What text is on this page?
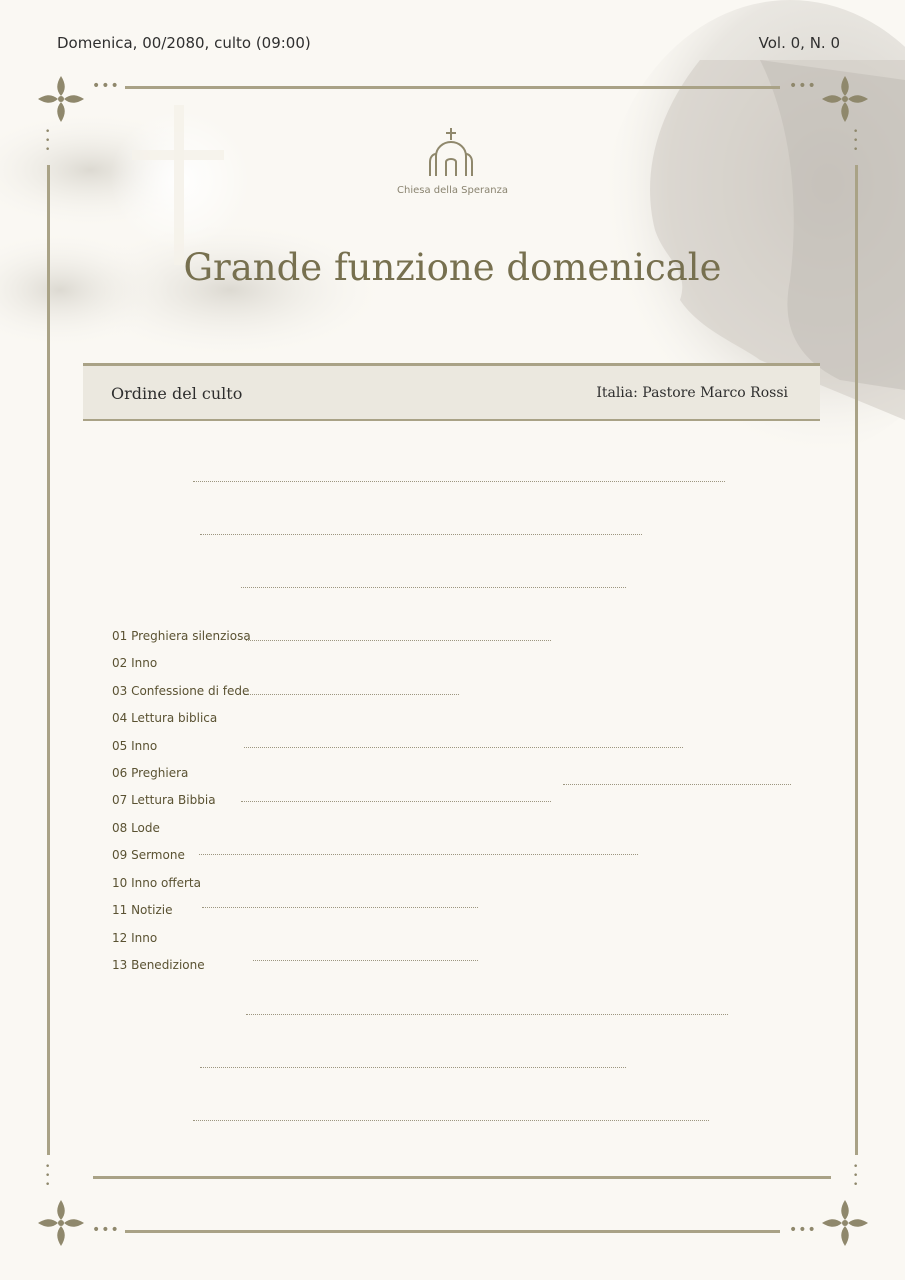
Domenica, 00/2080, culto (09:00)	Vol. 0, N. 0
•••	•••
•••	•••
•
•
•
•
•
•
•
•
•
•
•
•
Chiesa della Speranza
Grande funzione domenicale
Ordine del culto	Italia: Pastore Marco Rossi
01 Preghiera silenziosa
02 Inno
03 Confessione di fede
04 Lettura biblica
05 Inno
06 Preghiera
07 Lettura Bibbia
08 Lode
09 Sermone
10 Inno offerta
11 Notizie
12 Inno
13 Benedizione
